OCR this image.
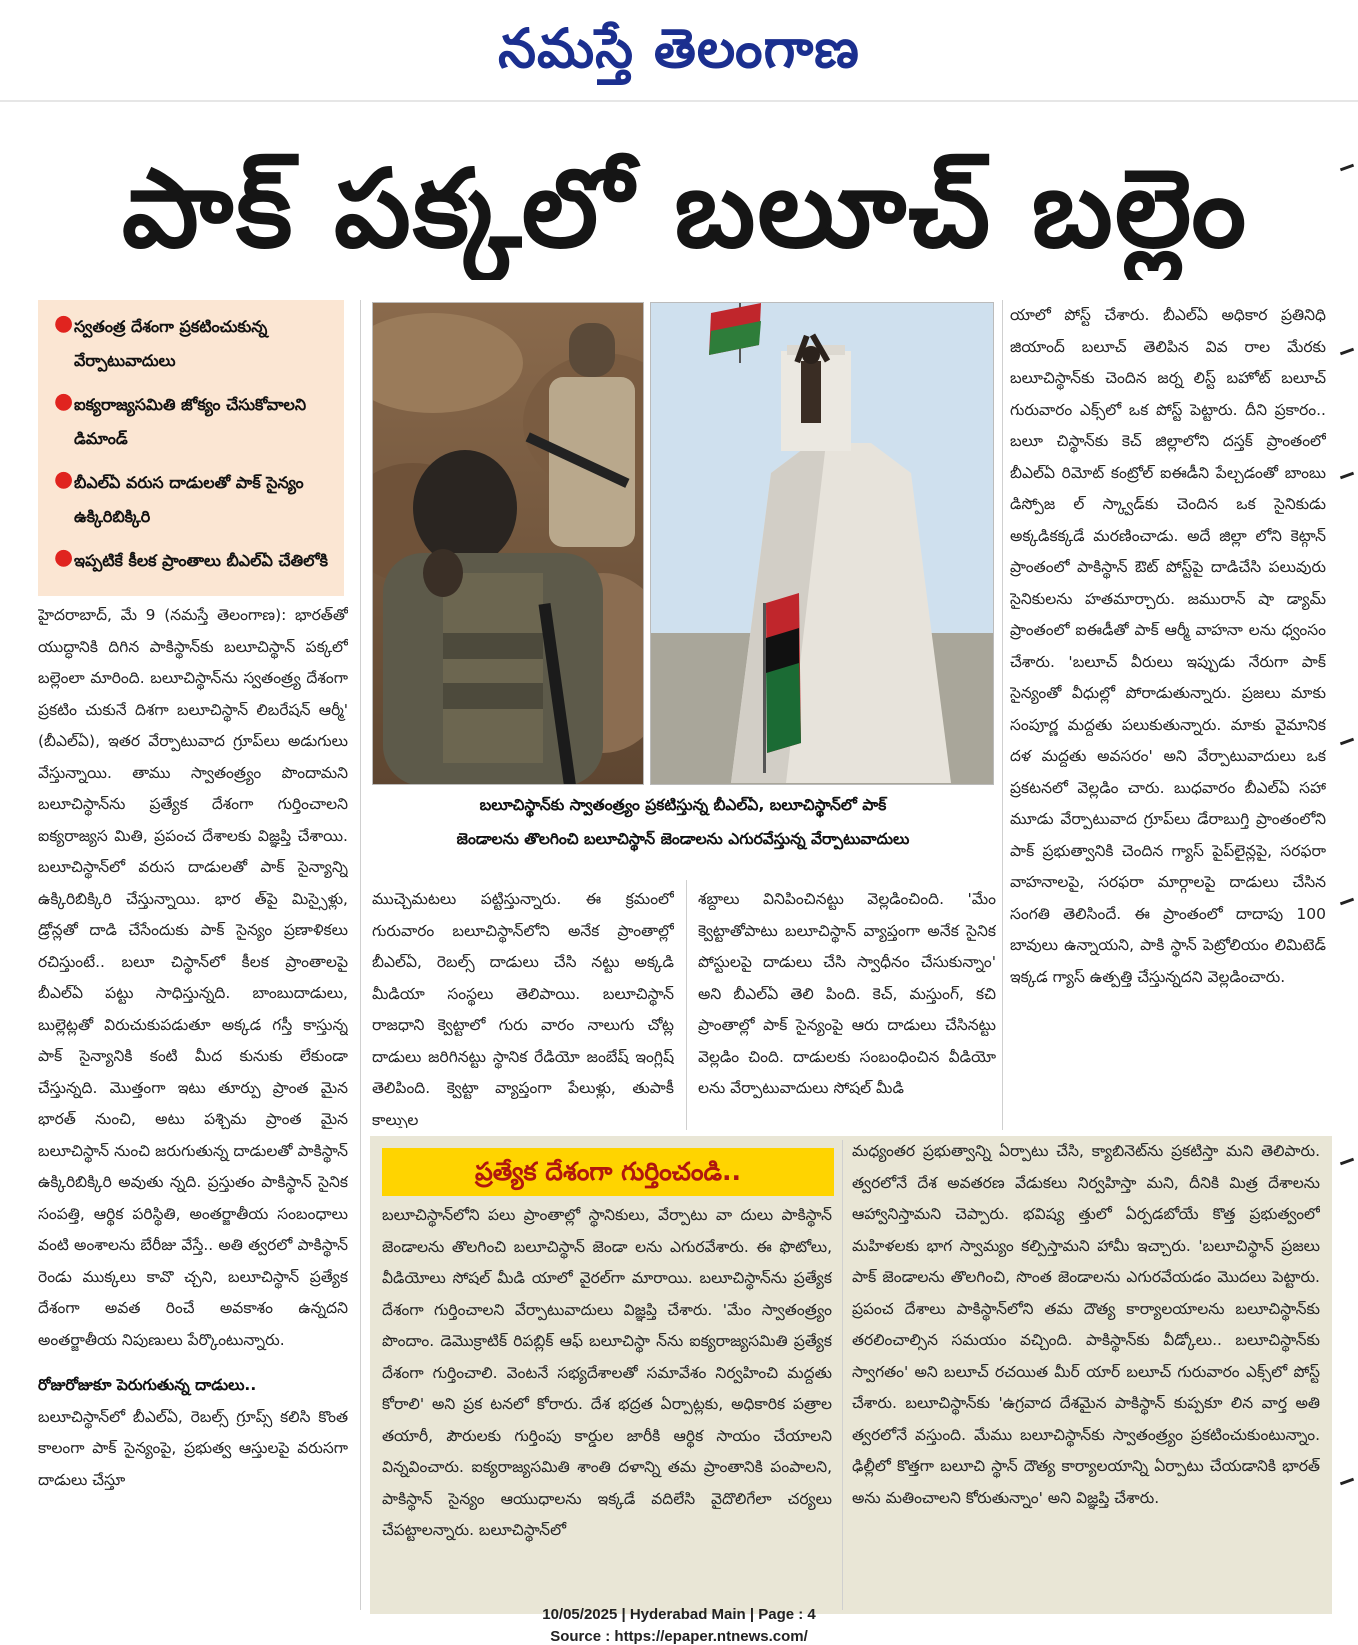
నమస్తే తెలంగాణ
పాక్ పక్కలో బలూచ్ బల్లెం
● స్వతంత్ర దేశంగా ప్రకటించుకున్న వేర్పాటువాదులు
● ఐక్యరాజ్యసమితి జోక్యం చేసుకోవాలని డిమాండ్
● బీఎల్ఏ వరుస దాడులతో పాక్ సైన్యం ఉక్కిరిబిక్కిరి
● ఇప్పటికే కీలక ప్రాంతాలు బీఎల్ఏ చేతిలోకి

హైదరాబాద్, మే 9 (నమస్తే తెలంగాణ): భారత్‌తో యుద్ధానికి దిగిన పాకిస్థాన్‌కు బలూచిస్థాన్ పక్కలో బల్లెంలా మారింది. బలూచిస్థాన్‌ను స్వతంత్ర్య దేశంగా ప్రకటిం చుకునే దిశగా బలూచిస్థాన్ లిబరేషన్ ఆర్మీ' (బీఎల్ఏ), ఇతర వేర్పాటువాద గ్రూప్‌లు అడుగులు వేస్తున్నాయి. తాము స్వాతంత్ర్యం పొందామని బలూచిస్థాన్‌ను ప్రత్యేక దేశంగా గుర్తించాలని ఐక్యరాజ్యస మితి, ప్రపంచ దేశాలకు విజ్ఞప్తి చేశాయి. బలూచిస్థాన్‌లో వరుస దాడులతో పాక్ సైన్యాన్ని ఉక్కిరిబిక్కిరి చేస్తున్నాయి. భార త్‌పై మిస్సైళ్లు, డ్రోన్లతో దాడి చేసేందుకు పాక్ సైన్యం ప్రణాళికలు రచిస్తుంటే.. బలూ చిస్థాన్‌లో కీలక ప్రాంతాలపై బీఎల్ఏ పట్టు సాధిస్తున్నది. బాంబుదాడులు, బుల్లెట్లతో విరుచుకుపడుతూ అక్కడ గస్తీ కాస్తున్న పాక్ సైన్యానికి కంటి మీద కునుకు లేకుండా చేస్తున్నది. మొత్తంగా ఇటు తూర్పు ప్రాంత మైన భారత్ నుంచి, అటు పశ్చిమ ప్రాంత మైన బలూచిస్థాన్ నుంచి జరుగుతున్న దాడులతో పాకిస్థాన్ ఉక్కిరిబిక్కిరి అవుతు న్నది. ప్రస్తుతం పాకిస్థాన్ సైనిక సంపత్తి, ఆర్థిక పరిస్థితి, అంతర్జాతీయ సంబంధాలు వంటి అంశాలను బేరీజు వేస్తే.. అతి త్వరలో పాకిస్థాన్ రెండు ముక్కలు కావొ చ్చని, బలూచిస్థాన్ ప్రత్యేక దేశంగా అవత రించే అవకాశం ఉన్నదని అంతర్జాతీయ నిపుణులు పేర్కొంటున్నారు.

రోజురోజుకూ పెరుగుతున్న దాడులు..

బలూచిస్థాన్‌లో బీఎల్ఏ, రెబల్స్ గ్రూప్స్ కలిసి కొంత కాలంగా పాక్ సైన్యంపై, ప్రభుత్వ ఆస్తులపై వరుసగా దాడులు చేస్తూ

బలూచిస్థాన్‌కు స్వాతంత్ర్యం ప్రకటిస్తున్న బీఎల్ఏ, బలూచిస్థాన్‌లో పాక్
జెండాలను తొలగించి బలూచిస్థాన్ జెండాలను ఎగురవేస్తున్న వేర్పాటువాదులు
ముచ్చెమటలు పట్టిస్తున్నారు. ఈ క్రమంలో గురువారం బలూచిస్థాన్‌లోని అనేక ప్రాంతాల్లో బీఎల్ఏ, రెబల్స్ దాడులు చేసి నట్టు అక్కడి మీడియా సంస్థలు తెలిపాయి. బలూచిస్థాన్ రాజధాని క్వెట్టాలో గురు వారం నాలుగు చోట్ల దాడులు జరిగినట్టు స్థానిక రేడియో జంబేష్ ఇంగ్లిష్ తెలిపింది. క్వెట్టా వ్యాప్తంగా పేలుళ్లు, తుపాకీ కాల్పుల
శబ్దాలు వినిపించినట్టు వెల్లడించింది. 'మేం క్వెట్టాతోపాటు బలూచిస్థాన్ వ్యాప్తంగా అనేక సైనిక పోస్టులపై దాడులు చేసి స్వాధీనం చేసుకున్నాం' అని బీఎల్ఏ తెలి పింది. కెచ్, మస్తుంగ్, కచి ప్రాంతాల్లో పాక్ సైన్యంపై ఆరు దాడులు చేసినట్టు వెల్లడిం చింది. దాడులకు సంబంధించిన వీడియో లను వేర్పాటువాదులు సోషల్ మీడి
యాలో పోస్ట్ చేశారు. బీఎల్ఏ అధికార ప్రతినిధి జియాంద్ బలూచ్ తెలిపిన వివ రాల మేరకు బలూచిస్థాన్‌కు చెందిన జర్న లిస్ట్ బహోట్ బలూచ్ గురువారం ఎక్స్‌లో ఒక పోస్ట్ పెట్టారు. దీని ప్రకారం.. బలూ చిస్థాన్‌కు కెచ్ జిల్లాలోని దస్తక్ ప్రాంతంలో బీఎల్ఏ రిమోట్ కంట్రోల్ ఐఈడీని పేల్చడంతో బాంబు డిస్పోజ ల్ స్క్వాడ్‌కు చెందిన ఒక సైనికుడు అక్కడికక్కడే మరణించాడు. అదే జిల్లా లోని కెట్గాన్ ప్రాంతంలో పాకిస్థాన్ ఔట్ పోస్ట్‌పై దాడిచేసి పలువురు సైనికులను హతమార్చారు. జమురాన్ షా డ్యామ్ ప్రాంతంలో ఐఈడీతో పాక్ ఆర్మీ వాహనా లను ధ్వంసం చేశారు. 'బలూచ్ వీరులు ఇప్పుడు నేరుగా పాక్ సైన్యంతో వీధుల్లో పోరాడుతున్నారు. ప్రజలు మాకు సంపూర్ణ మద్దతు పలుకుతున్నారు. మాకు వైమానిక దళ మద్దతు అవసరం' అని వేర్పాటువాదులు ఒక ప్రకటనలో వెల్లడిం చారు. బుధవారం బీఎల్ఏ సహా మూడు వేర్పాటువాద గ్రూప్‌లు డేరాబుగ్తి ప్రాంతంలోని పాక్ ప్రభుత్వానికి చెందిన గ్యాస్ పైప్‌లైన్లపై, సరఫరా వాహనాలపై, సరఫరా మార్గాలపై దాడులు చేసిన సంగతి తెలిసిందే. ఈ ప్రాంతంలో దాదాపు 100 బావులు ఉన్నాయని, పాకి స్థాన్ పెట్రోలియం లిమిటెడ్ ఇక్కడ గ్యాస్ ఉత్పత్తి చేస్తున్నదని వెల్లడించారు.
ప్రత్యేక దేశంగా గుర్తించండి..
బలూచిస్థాన్‌లోని పలు ప్రాంతాల్లో స్థానికులు, వేర్పాటు వా దులు పాకిస్థాన్ జెండాలను తొలగించి బలూచిస్థాన్ జెండా లను ఎగురవేశారు. ఈ ఫొటోలు, వీడియోలు సోషల్ మీడి యాలో వైరల్‌గా మారాయి. బలూచిస్థాన్‌ను ప్రత్యేక దేశంగా గుర్తించాలని వేర్పాటువాదులు విజ్ఞప్తి చేశారు. 'మేం స్వాతంత్ర్యం పొందాం. డెమొక్రాటిక్ రిపబ్లిక్ ఆఫ్ బలూచిస్థా న్‌ను ఐక్యరాజ్యసమితి ప్రత్యేక దేశంగా గుర్తించాలి. వెంటనే సభ్యదేశాలతో సమావేశం నిర్వహించి మద్దతు కోరాలి' అని ప్రక టనలో కోరారు. దేశ భద్రత ఏర్పాట్లకు, అధికారిక పత్రాల తయారీ, పౌరులకు గుర్తింపు కార్డుల జారీకి ఆర్థిక సాయం చేయాలని విన్నవించారు. ఐక్యరాజ్యసమితి శాంతి దళాన్ని తమ ప్రాంతానికి పంపాలని, పాకిస్థాన్ సైన్యం ఆయుధాలను ఇక్కడే వదిలేసి వైదొలిగేలా చర్యలు చేపట్టాలన్నారు. బలూచిస్థాన్‌లో
మధ్యంతర ప్రభుత్వాన్ని ఏర్పాటు చేసి, క్యాబినెట్‌ను ప్రకటిస్తా మని తెలిపారు. త్వరలోనే దేశ అవతరణ వేడుకలు నిర్వహిస్తా మని, దీనికి మిత్ర దేశాలను ఆహ్వానిస్తామని చెప్పారు. భవిష్య త్తులో ఏర్పడబోయే కొత్త ప్రభుత్వంలో మహిళలకు భాగ స్వామ్యం కల్పిస్తామని హామీ ఇచ్చారు. 'బలూచిస్థాన్ ప్రజలు పాక్ జెండాలను తొలగించి, సొంత జెండాలను ఎగురవేయడం మొదలు పెట్టారు. ప్రపంచ దేశాలు పాకిస్థాన్‌లోని తమ దౌత్య కార్యాలయాలను బలూచిస్థాన్‌కు తరలించాల్సిన సమయం వచ్చింది. పాకిస్థాన్‌కు వీడ్కోలు.. బలూచిస్థాన్‌కు స్వాగతం' అని బలూచ్ రచయిత మీర్ యార్ బలూచ్ గురువారం ఎక్స్‌లో పోస్ట్ చేశారు. బలూచిస్థాన్‌కు 'ఉగ్రవాద దేశమైన పాకిస్థాన్ కుప్పకూ లిన వార్త అతి త్వరలోనే వస్తుంది. మేము బలూచిస్థాన్‌కు స్వాతంత్ర్యం ప్రకటించుకుంటున్నాం. ఢిల్లీలో కొత్తగా బలూచి స్థాన్ దౌత్య కార్యాలయాన్ని ఏర్పాటు చేయడానికి భారత్ అను మతించాలని కోరుతున్నాం' అని విజ్ఞప్తి చేశారు.
10/05/2025 | Hyderabad Main | Page : 4
Source : https://epaper.ntnews.com/
